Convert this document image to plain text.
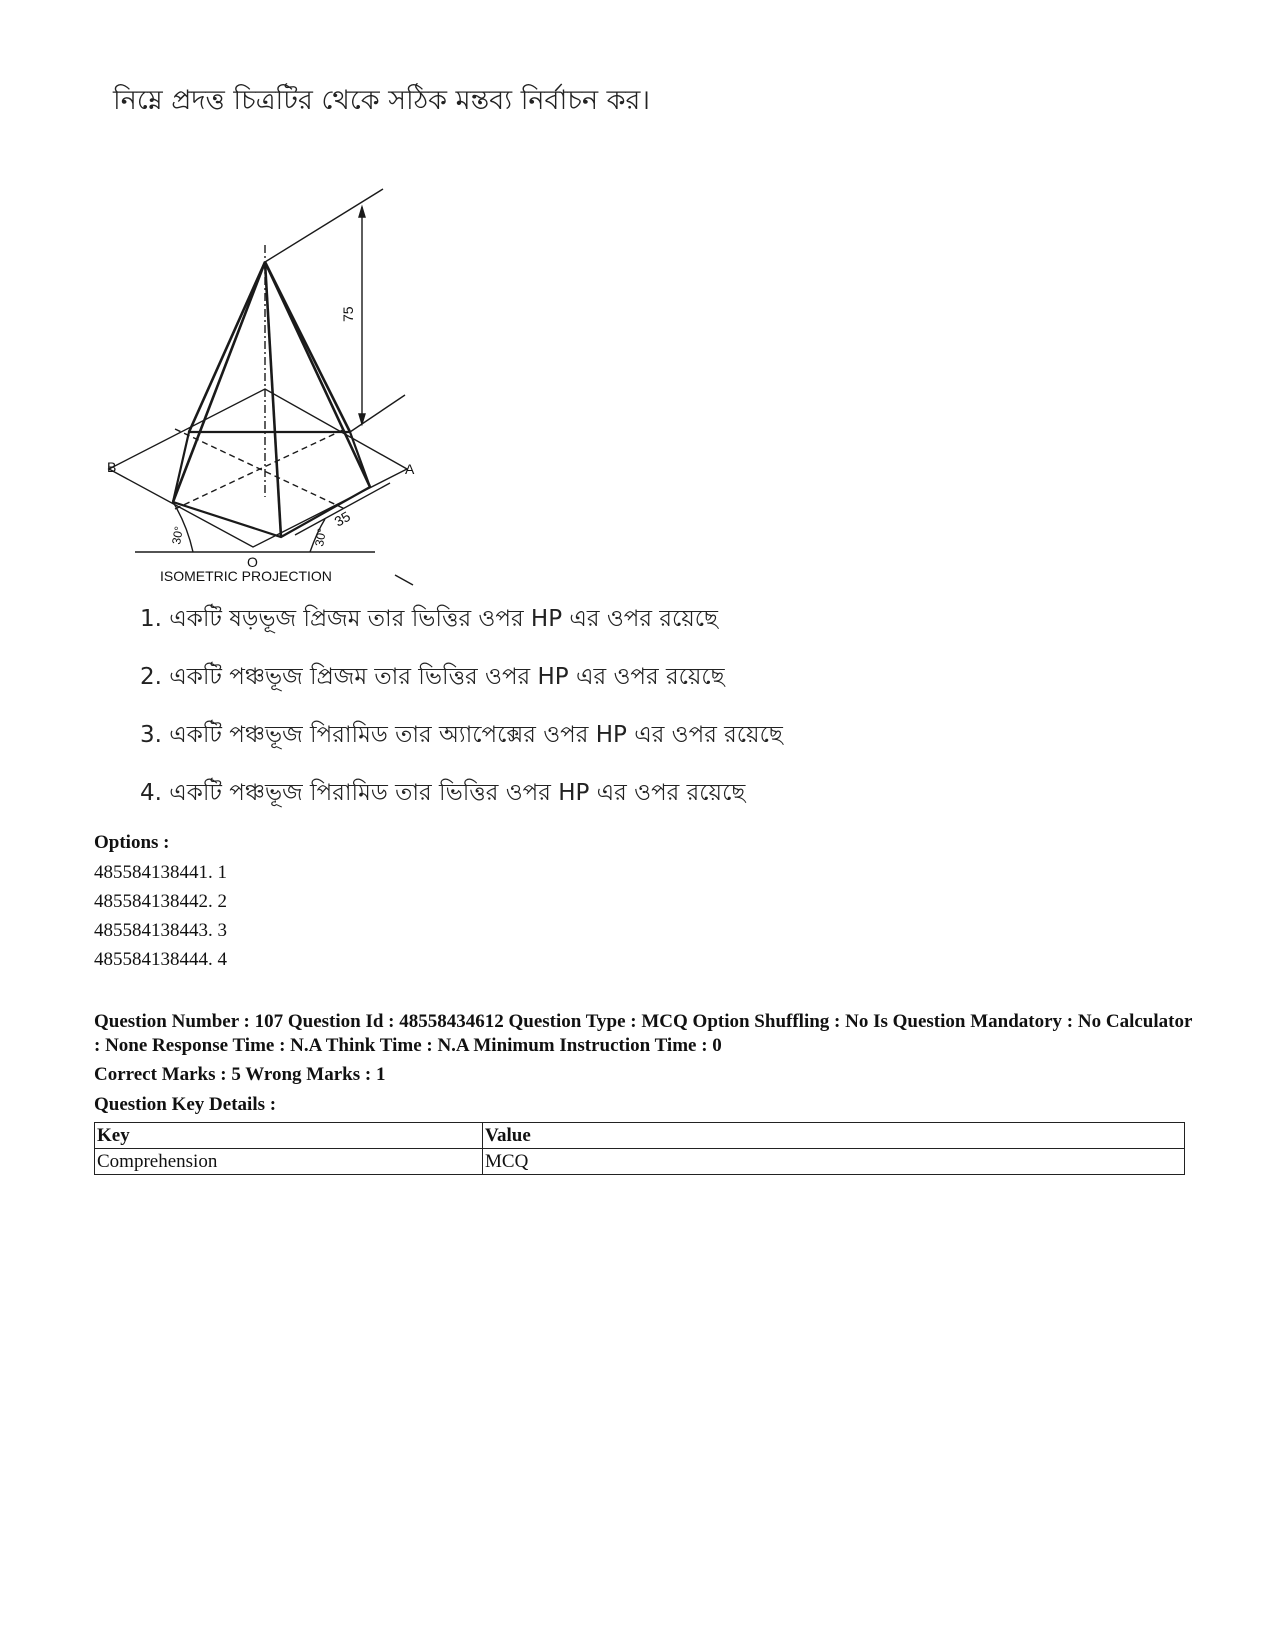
নিম্নে প্রদত্ত চিত্রটির থেকে সঠিক মন্তব্য নির্বাচন কর।
75
35
30°	30°
A
B
O
ISOMETRIC PROJECTION
1. একটি ষড়ভূজ প্রিজম তার ভিত্তির ওপর HP এর ওপর রয়েছে
2. একটি পঞ্চভূজ প্রিজম তার ভিত্তির ওপর HP এর ওপর রয়েছে
3. একটি পঞ্চভূজ পিরামিড তার অ্যাপেক্সের ওপর HP এর ওপর রয়েছে
4. একটি পঞ্চভূজ পিরামিড তার ভিত্তির ওপর HP এর ওপর রয়েছে
Options :
485584138441. 1
485584138442. 2
485584138443. 3
485584138444. 4
Question Number : 107 Question Id : 48558434612 Question Type : MCQ Option Shuffling : No Is Question Mandatory : No Calculator : None Response Time : N.A Think Time : N.A Minimum Instruction Time : 0
Correct Marks : 5 Wrong Marks : 1
Question Key Details :
Key	Value
Comprehension	MCQ
